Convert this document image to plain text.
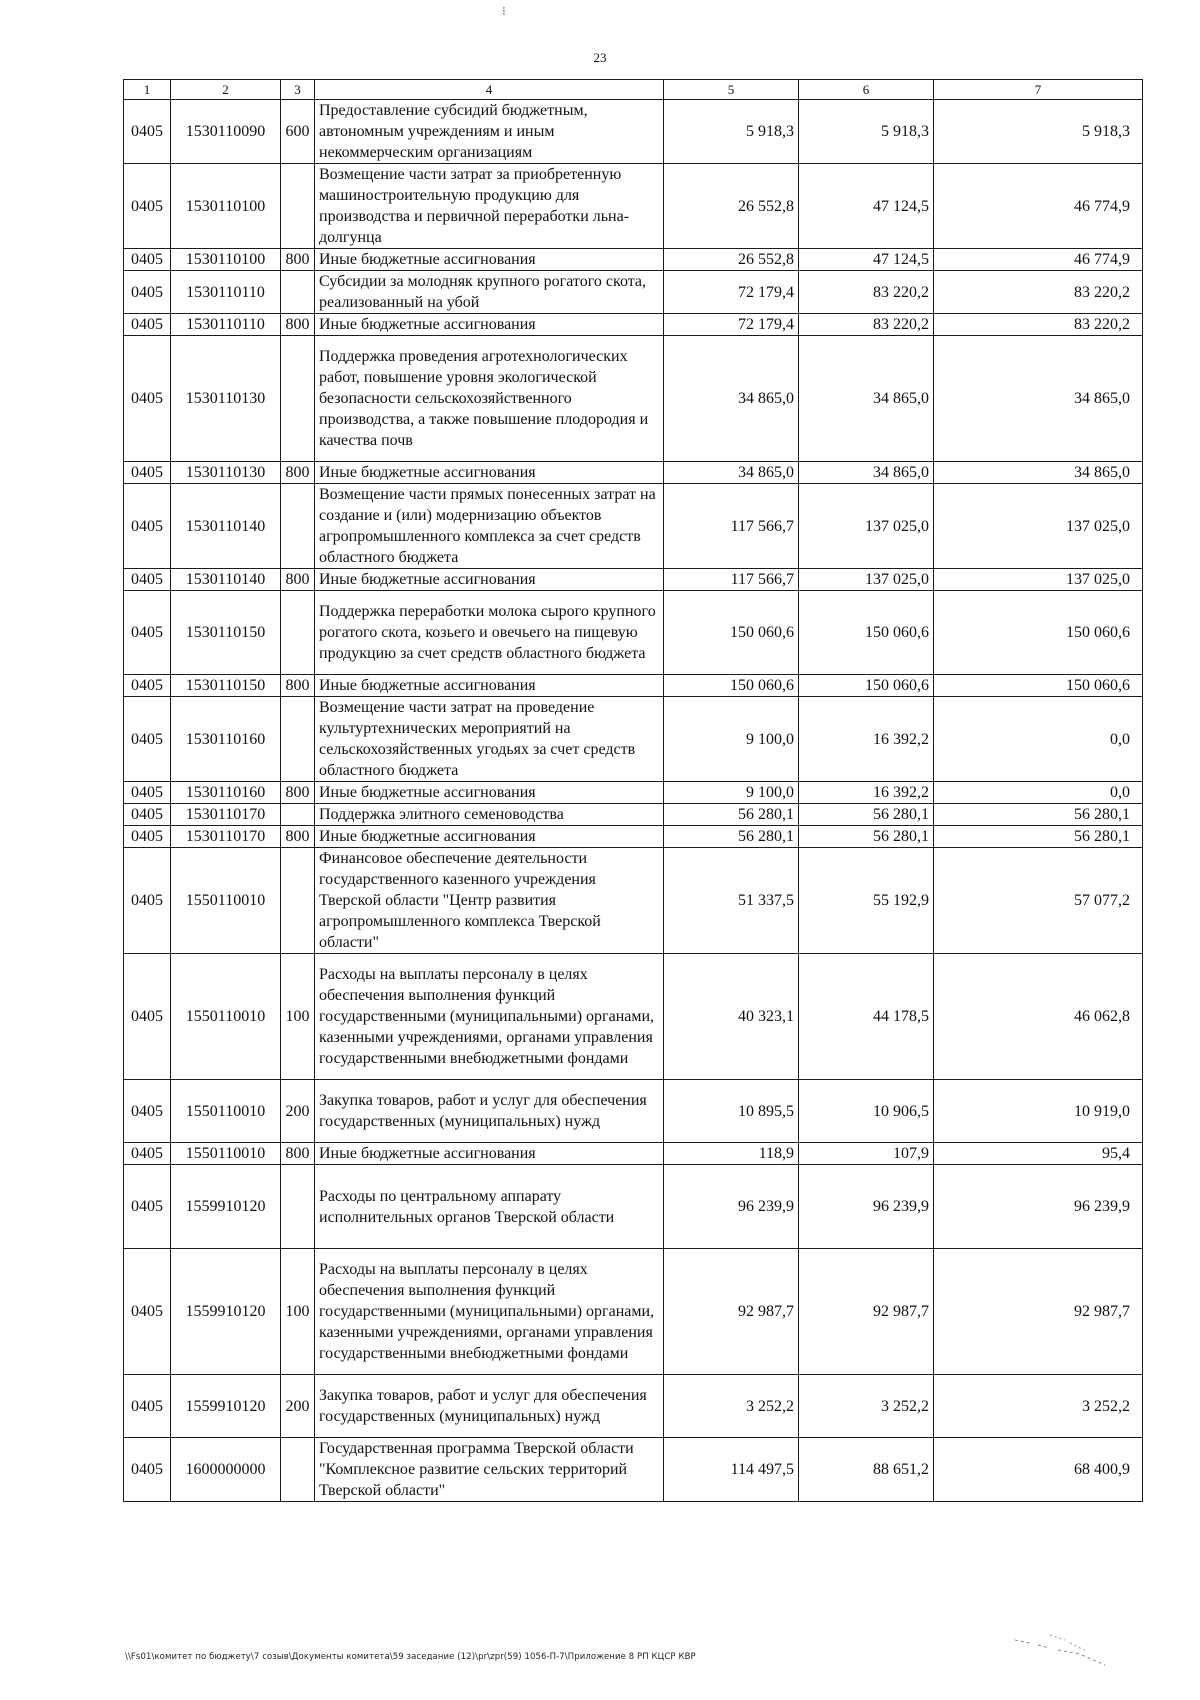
⁝
23
1	2	3	4	5	6	7
0405	1530110090	600	Предоставление субсидий бюджетным, автономным учреждениям и иным некоммерческим организациям	5 918,3	5 918,3	5 918,3
0405	1530110100		Возмещение части затрат за приобретенную машиностроительную продукцию для производства и первичной переработки льна-долгунца	26 552,8	47 124,5	46 774,9
0405	1530110100	800	Иные бюджетные ассигнования	26 552,8	47 124,5	46 774,9
0405	1530110110		Субсидии за молодняк крупного рогатого скота, реализованный на убой	72 179,4	83 220,2	83 220,2
0405	1530110110	800	Иные бюджетные ассигнования	72 179,4	83 220,2	83 220,2
0405	1530110130		Поддержка проведения агротехнологических работ, повышение уровня экологической безопасности сельскохозяйственного производства, а также повышение плодородия и качества почв	34 865,0	34 865,0	34 865,0
0405	1530110130	800	Иные бюджетные ассигнования	34 865,0	34 865,0	34 865,0
0405	1530110140		Возмещение части прямых понесенных затрат на создание и (или) модернизацию объектов агропромышленного комплекса за счет средств областного бюджета	117 566,7	137 025,0	137 025,0
0405	1530110140	800	Иные бюджетные ассигнования	117 566,7	137 025,0	137 025,0
0405	1530110150		Поддержка переработки молока сырого крупного рогатого скота, козьего и овечьего на пищевую продукцию за счет средств областного бюджета	150 060,6	150 060,6	150 060,6
0405	1530110150	800	Иные бюджетные ассигнования	150 060,6	150 060,6	150 060,6
0405	1530110160		Возмещение части затрат на проведение культуртехнических мероприятий на сельскохозяйственных угодьях за счет средств областного бюджета	9 100,0	16 392,2	0,0
0405	1530110160	800	Иные бюджетные ассигнования	9 100,0	16 392,2	0,0
0405	1530110170		Поддержка элитного семеноводства	56 280,1	56 280,1	56 280,1
0405	1530110170	800	Иные бюджетные ассигнования	56 280,1	56 280,1	56 280,1
0405	1550110010		Финансовое обеспечение деятельности государственного казенного учреждения Тверской области "Центр развития агропромышленного комплекса Тверской области"	51 337,5	55 192,9	57 077,2
0405	1550110010	100	Расходы на выплаты персоналу в целях обеспечения выполнения функций государственными (муниципальными) органами, казенными учреждениями, органами управления государственными внебюджетными фондами	40 323,1	44 178,5	46 062,8
0405	1550110010	200	Закупка товаров, работ и услуг для обеспечения государственных (муниципальных) нужд	10 895,5	10 906,5	10 919,0
0405	1550110010	800	Иные бюджетные ассигнования	118,9	107,9	95,4
0405	1559910120		Расходы по центральному аппарату исполнительных органов Тверской области	96 239,9	96 239,9	96 239,9
0405	1559910120	100	Расходы на выплаты персоналу в целях обеспечения выполнения функций государственными (муниципальными) органами, казенными учреждениями, органами управления государственными внебюджетными фондами	92 987,7	92 987,7	92 987,7
0405	1559910120	200	Закупка товаров, работ и услуг для обеспечения государственных (муниципальных) нужд	3 252,2	3 252,2	3 252,2
0405	1600000000		Государственная программа Тверской области "Комплексное развитие сельских территорий Тверской области"	114 497,5	88 651,2	68 400,9
\\Fs01\комитет по бюджету\7 созыв\Документы комитета\59 заседание (12)\pr\zpr(59) 1056-П-7\Приложение 8 РП КЦСР КВР
